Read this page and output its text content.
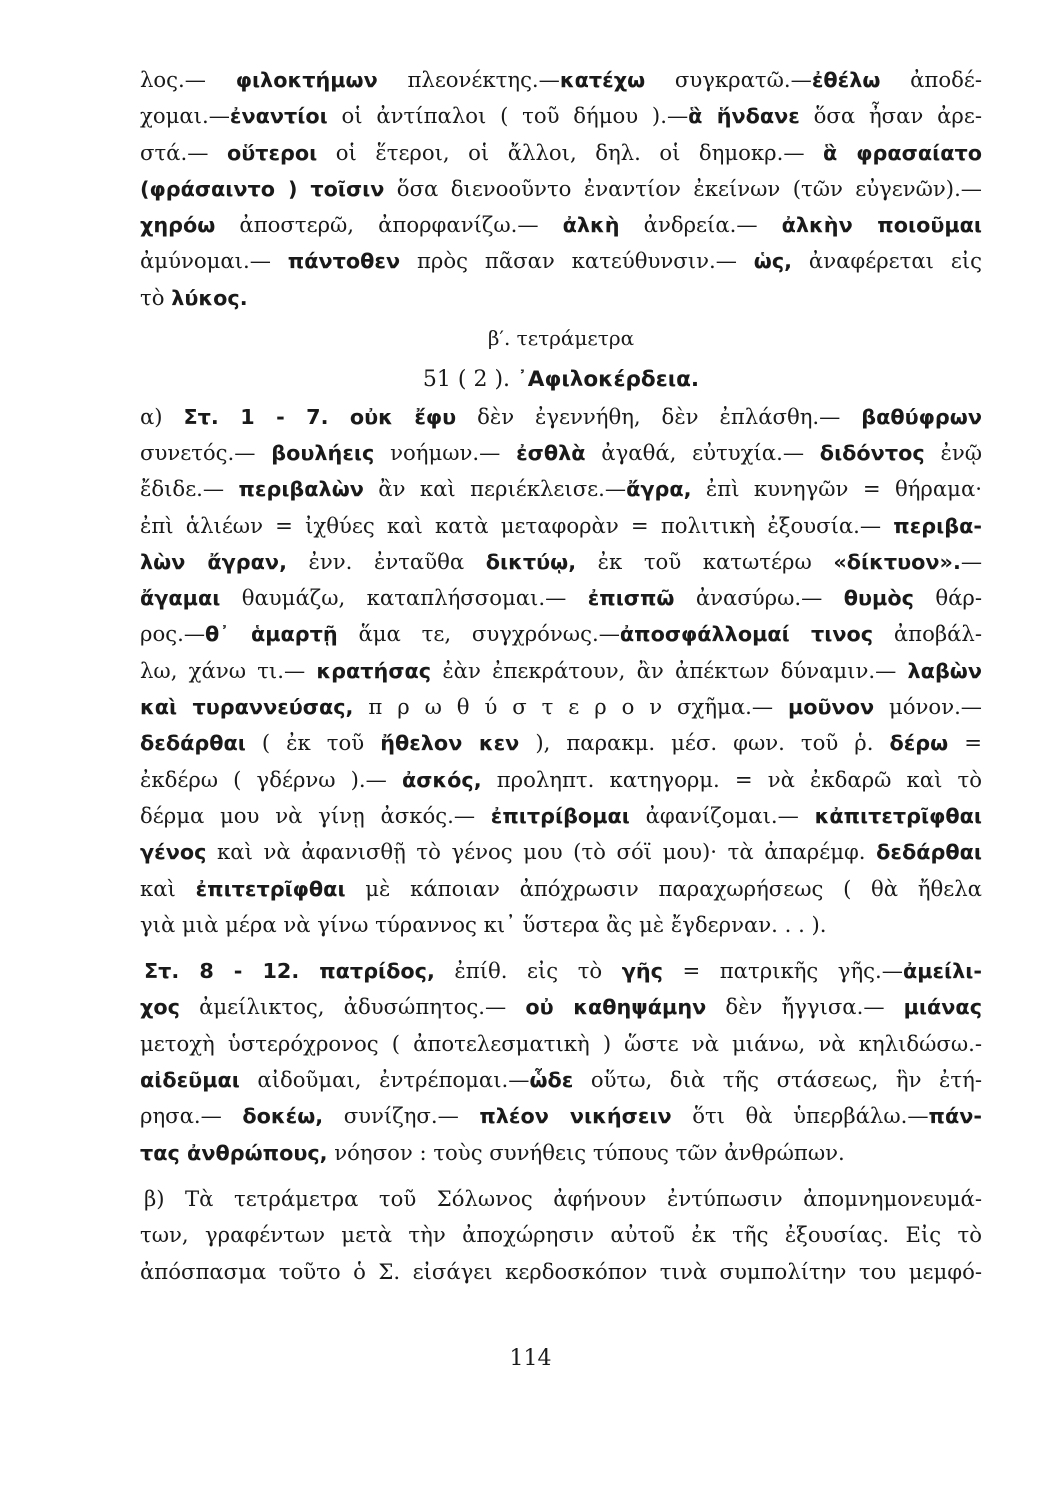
λος.— φιλοκτήμων πλεονέκτης.—κατέχω συγκρατῶ.—ἐθέλω ἀποδέ-
χομαι.—ἐναντίοι οἱ ἀντίπαλοι ( τοῦ δήμου ).—ἃ ἥνδανε ὅσα ἦσαν ἀρε-
στά.— οὕτεροι οἱ ἕτεροι, οἱ ἄλλοι, δηλ. οἱ δημοκρ.— ἃ φρασαίατο
(φράσαιντο ) τοῖσιν ὅσα διενοοῦντο ἐναντίον ἐκείνων (τῶν εὐγενῶν).—
χηρόω ἀποστερῶ, ἀπορφανίζω.— ἀλκὴ ἀνδρεία.— ἀλκὴν ποιοῦμαι
ἀμύνομαι.— πάντοθεν πρὸς πᾶσαν κατεύθυνσιν.— ὡς, ἀναφέρεται εἰς
τὸ λύκος.
β′. τετράμετρα
51 ( 2 ). ᾿Αφιλοκέρδεια.
α) Στ. 1 - 7. οὐκ ἔφυ δὲν ἐγεννήθη, δὲν ἐπλάσθη.— βαθύφρων
συνετός.— βουλήεις νοήμων.— ἐσθλὰ ἀγαθά, εὐτυχία.— διδόντος ἐνῷ
ἔδιδε.— περιβαλὼν ἂν καὶ περιέκλεισε.—ἄγρα, ἐπὶ κυνηγῶν = θήραμα·
ἐπὶ ἁλιέων = ἰχθύες καὶ κατὰ μεταφορὰν = πολιτικὴ ἐξουσία.— περιβα-
λὼν ἄγραν, ἐνν. ἐνταῦθα δικτύῳ, ἐκ τοῦ κατωτέρω «δίκτυον».—
ἄγαμαι θαυμάζω, καταπλήσσομαι.— ἐπισπῶ ἀνασύρω.— θυμὸς θάρ-
ρος.—θ᾿ ἁμαρτῇ ἅμα τε, συγχρόνως.—ἀποσφάλλομαί τινος ἀποβάλ-
λω, χάνω τι.— κρατήσας ἐὰν ἐπεκράτουν, ἂν ἀπέκτων δύναμιν.— λαβὼν
καὶ τυραννεύσας, π ρ ω θ ύ σ τ ε ρ ο ν σχῆμα.— μοῦνον μόνον.—
δεδάρθαι ( ἐκ τοῦ ἤθελον κεν ), παρακμ. μέσ. φων. τοῦ ῥ. δέρω =
ἐκδέρω ( γδέρνω ).— ἀσκός, προληπτ. κατηγορμ. = νὰ ἐκδαρῶ καὶ τὸ
δέρμα μου νὰ γίνῃ ἀσκός.— ἐπιτρίβομαι ἀφανίζομαι.— κἀπιτετρῖφθαι
γένος καὶ νὰ ἀφανισθῇ τὸ γένος μου (τὸ σόϊ μου)· τὰ ἀπαρέμφ. δεδάρθαι
καὶ ἐπιτετρῖφθαι μὲ κάποιαν ἀπόχρωσιν παραχωρήσεως ( θὰ ἤθελα
γιὰ μιὰ μέρα νὰ γίνω τύραννος κι᾿ ὕστερα ἂς μὲ ἔγδερναν. . . ).
Στ. 8 - 12. πατρίδος, ἐπίθ. εἰς τὸ γῆς = πατρικῆς γῆς.—ἀμείλι-
χος ἀμείλικτος, ἀδυσώπητος.— οὐ καθηψάμην δὲν ἤγγισα.— μιάνας
μετοχὴ ὑστερόχρονος ( ἀποτελεσματικὴ ) ὥστε νὰ μιάνω, νὰ κηλιδώσω.-
αἰδεῦμαι αἰδοῦμαι, ἐντρέπομαι.—ὧδε οὕτω, διὰ τῆς στάσεως, ἣν ἐτή-
ρησα.— δοκέω, συνίζησ.— πλέον νικήσειν ὅτι θὰ ὑπερβάλω.—πάν-
τας ἀνθρώπους, νόησον : τοὺς συνήθεις τύπους τῶν ἀνθρώπων.
β) Τὰ τετράμετρα τοῦ Σόλωνος ἀφήνουν ἐντύπωσιν ἀπομνημονευμά-
των, γραφέντων μετὰ τὴν ἀποχώρησιν αὐτοῦ ἐκ τῆς ἐξουσίας. Εἰς τὸ
ἀπόσπασμα τοῦτο ὁ Σ. εἰσάγει κερδοσκόπον τινὰ συμπολίτην του μεμφό-
114
